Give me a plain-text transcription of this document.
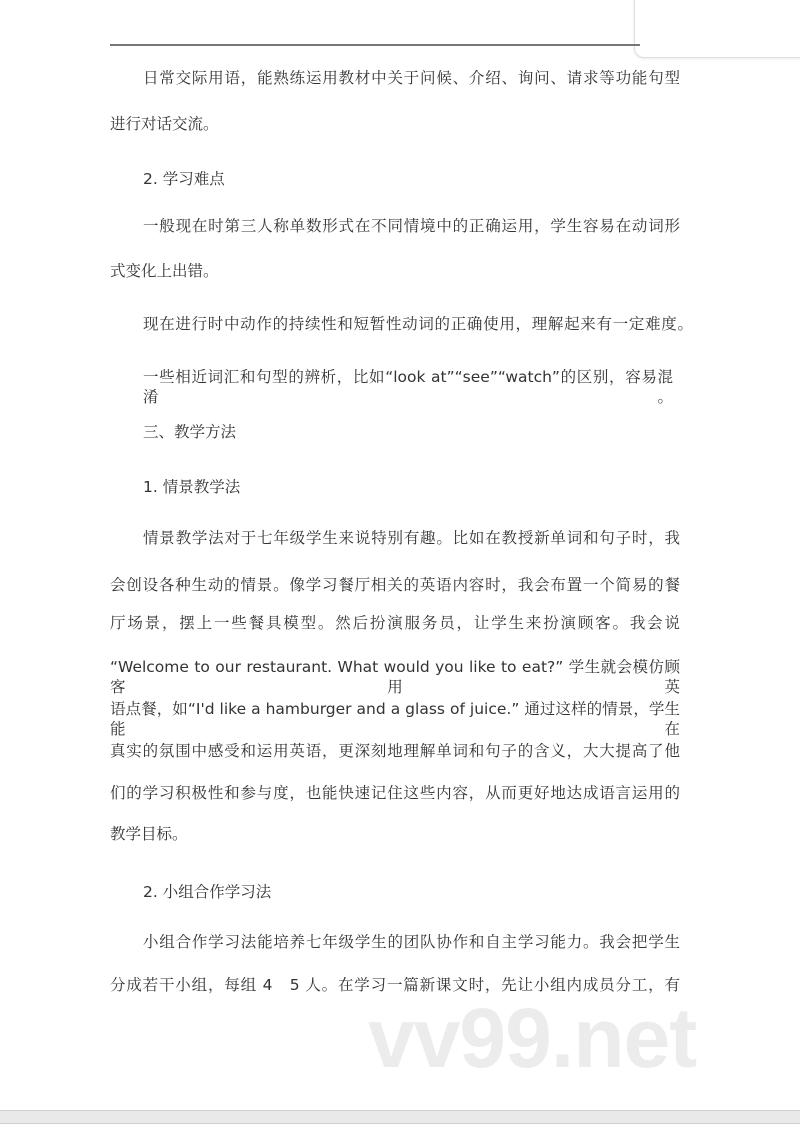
日常交际用语，能熟练运用教材中关于问候、介绍、询问、请求等功能句型
进行对话交流。
2. 学习难点
一般现在时第三人称单数形式在不同情境中的正确运用，学生容易在动词形
式变化上出错。
现在进行时中动作的持续性和短暂性动词的正确使用，理解起来有一定难度。
一些相近词汇和句型的辨析，比如“look at”“see”“watch”的区别，容易混淆。
三、教学方法
1. 情景教学法
情景教学法对于七年级学生来说特别有趣。比如在教授新单词和句子时，我
会创设各种生动的情景。像学习餐厅相关的英语内容时，我会布置一个简易的餐
厅场景，摆上一些餐具模型。然后扮演服务员，让学生来扮演顾客。我会说
“Welcome to our restaurant. What would you like to eat?” 学生就会模仿顾客用英
语点餐，如“I'd like a hamburger and a glass of juice.” 通过这样的情景，学生能在
真实的氛围中感受和运用英语，更深刻地理解单词和句子的含义，大大提高了他
们的学习积极性和参与度，也能快速记住这些内容，从而更好地达成语言运用的
教学目标。
2. 小组合作学习法
小组合作学习法能培养七年级学生的团队协作和自主学习能力。我会把学生
分成若干小组，每组 4　5 人。在学习一篇新课文时，先让小组内成员分工，有
vv99.net
